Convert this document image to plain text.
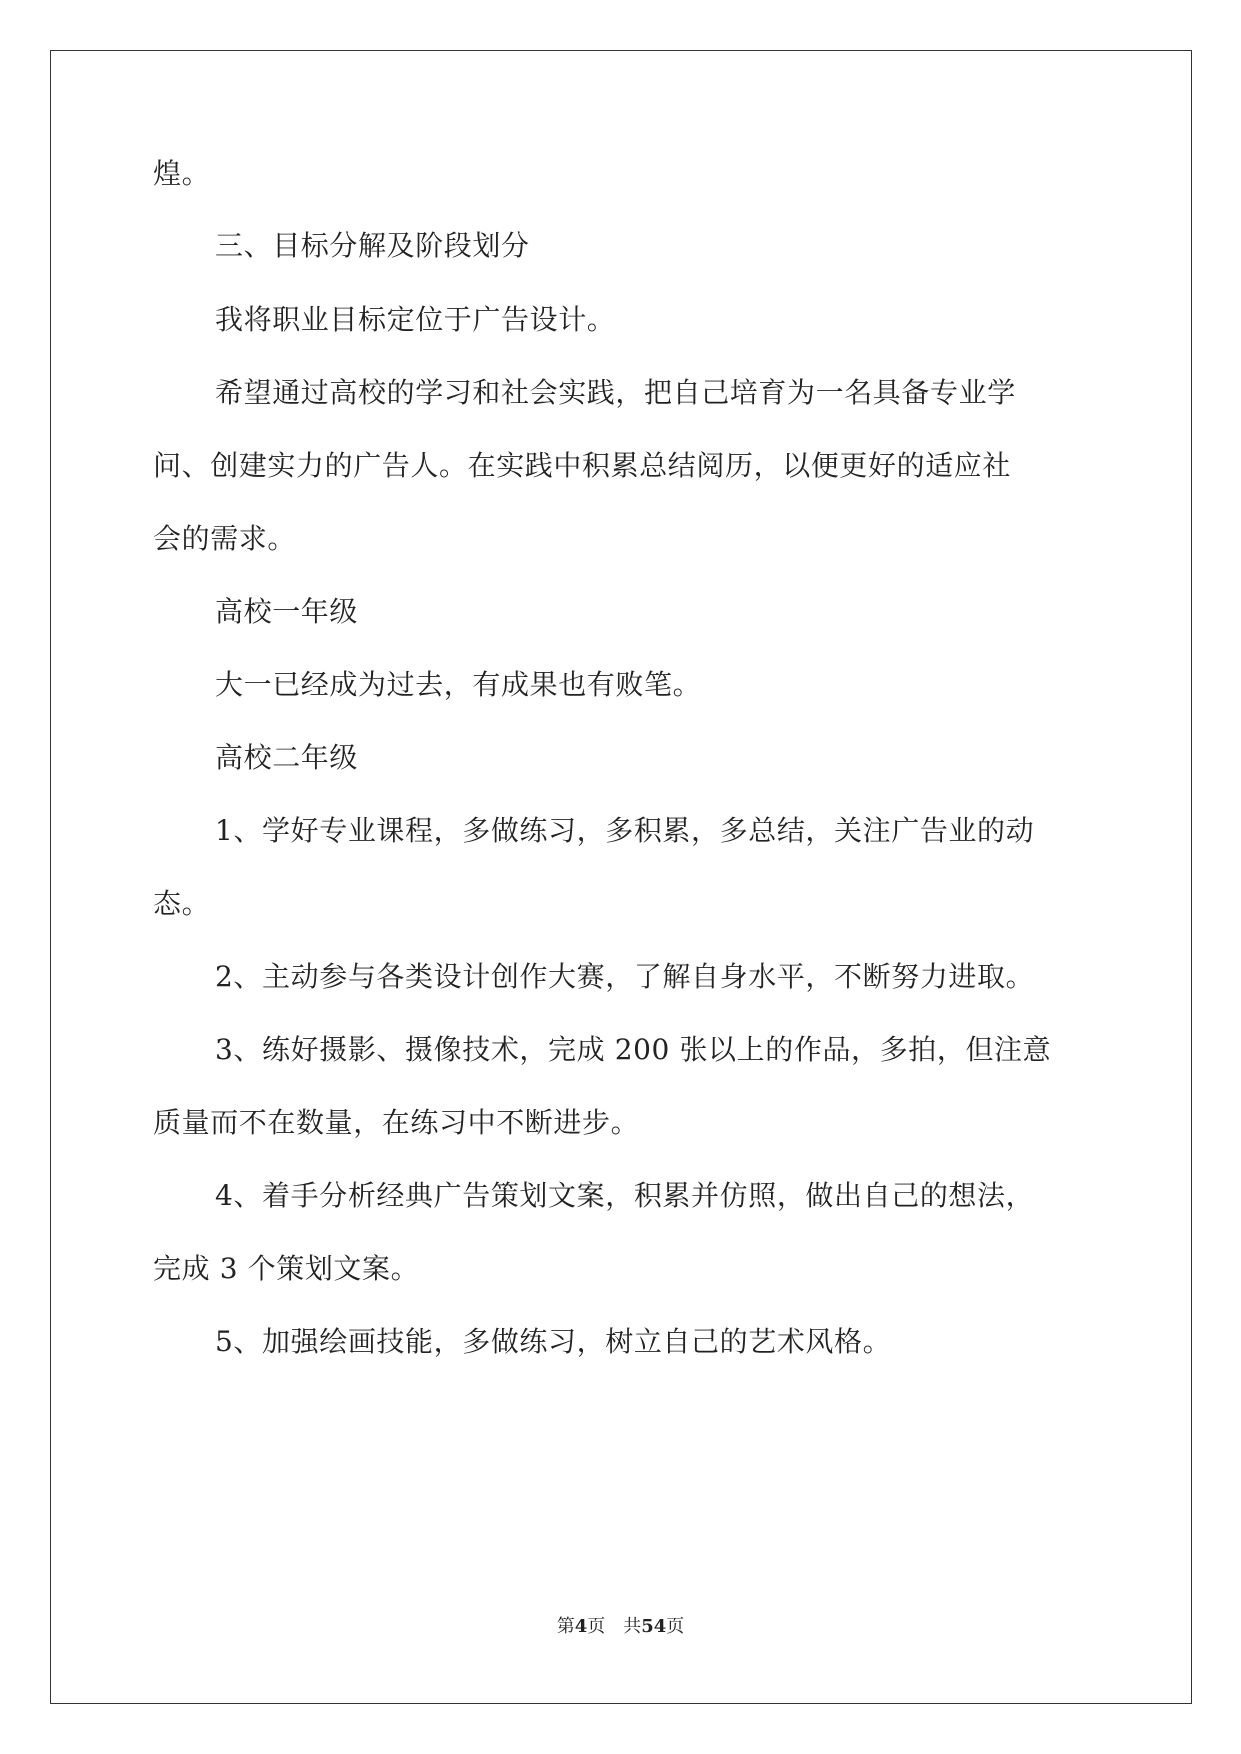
煌。
三、目标分解及阶段划分
我将职业目标定位于广告设计。
希望通过高校的学习和社会实践，把自己培育为一名具备专业学
问、创建实力的广告人。在实践中积累总结阅历，以便更好的适应社
会的需求。
高校一年级
大一已经成为过去，有成果也有败笔。
高校二年级
1、学好专业课程，多做练习，多积累，多总结，关注广告业的动
态。
2、主动参与各类设计创作大赛，了解自身水平，不断努力进取。
3、练好摄影、摄像技术，完成 200 张以上的作品，多拍，但注意
质量而不在数量，在练习中不断进步。
4、着手分析经典广告策划文案，积累并仿照，做出自己的想法，
完成 3 个策划文案。
5、加强绘画技能，多做练习，树立自己的艺术风格。
第4页 共54页
